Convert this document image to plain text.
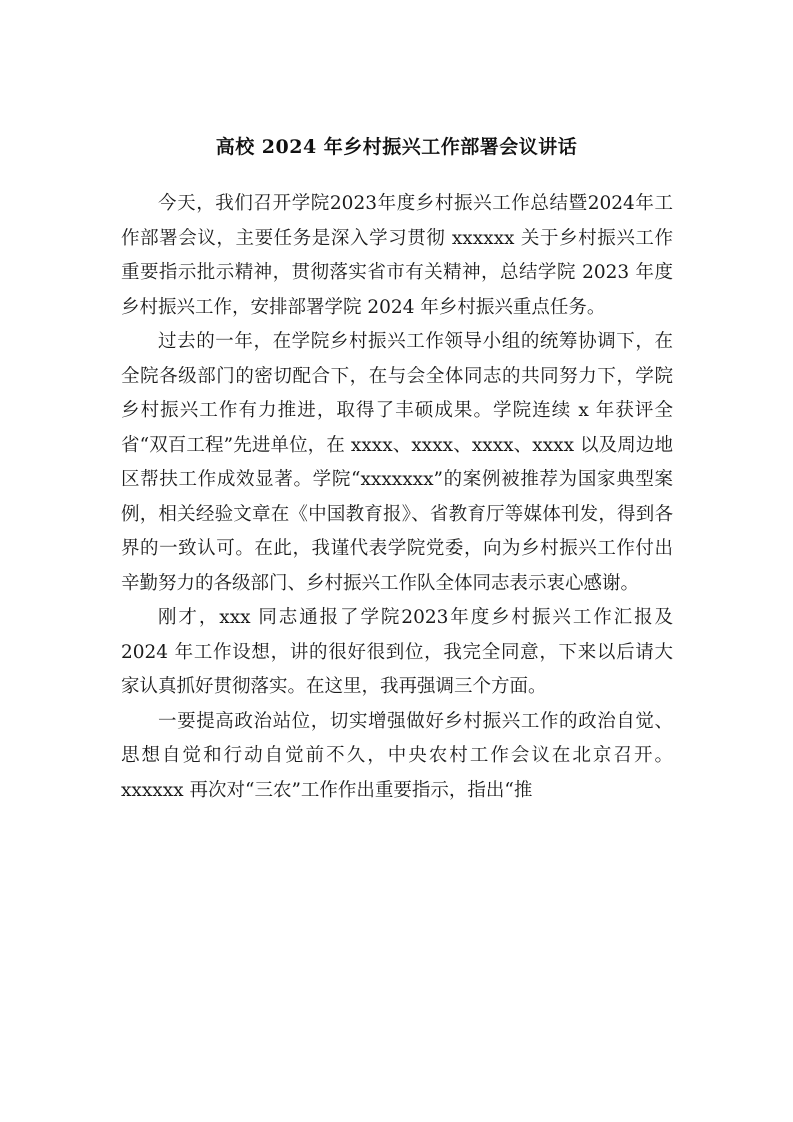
高校 2024 年乡村振兴工作部署会议讲话

今天，我们召开学院2023年度乡村振兴工作总结暨2024年工作部署会议，主要任务是深入学习贯彻 xxxxxx 关于乡村振兴工作重要指示批示精神，贯彻落实省市有关精神，总结学院 2023 年度乡村振兴工作，安排部署学院 2024 年乡村振兴重点任务。

过去的一年，在学院乡村振兴工作领导小组的统筹协调下，在全院各级部门的密切配合下，在与会全体同志的共同努力下，学院乡村振兴工作有力推进，取得了丰硕成果。学院连续 x 年获评全省“双百工程”先进单位，在 xxxx、xxxx、xxxx、xxxx 以及周边地区帮扶工作成效显著。学院“xxxxxxx”的案例被推荐为国家典型案例，相关经验文章在《中国教育报》、省教育厅等媒体刊发，得到各界的一致认可。在此，我谨代表学院党委，向为乡村振兴工作付出辛勤努力的各级部门、乡村振兴工作队全体同志表示衷心感谢。

刚才，xxx 同志通报了学院2023年度乡村振兴工作汇报及 2024 年工作设想，讲的很好很到位，我完全同意，下来以后请大家认真抓好贯彻落实。在这里，我再强调三个方面。

一要提高政治站位，切实增强做好乡村振兴工作的政治自觉、思想自觉和行动自觉前不久，中央农村工作会议在北京召开。xxxxxx 再次对“三农”工作作出重要指示，指出“推
